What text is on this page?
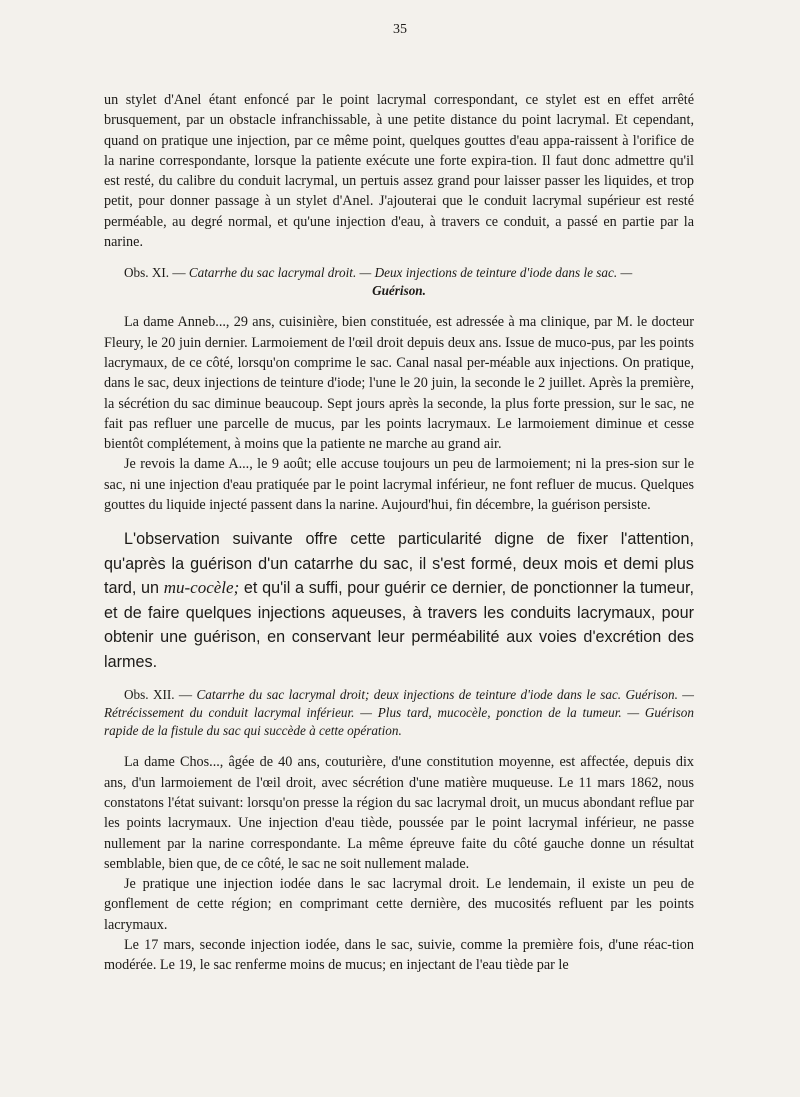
35

un stylet d'Anel étant enfoncé par le point lacrymal correspondant, ce stylet est en effet arrêté brusquement, par un obstacle infranchissable, à une petite distance du point lacrymal. Et cependant, quand on pratique une injection, par ce même point, quelques gouttes d'eau appa-raissent à l'orifice de la narine correspondante, lorsque la patiente exécute une forte expira-tion. Il faut donc admettre qu'il est resté, du calibre du conduit lacrymal, un pertuis assez grand pour laisser passer les liquides, et trop petit, pour donner passage à un stylet d'Anel. J'ajouterai que le conduit lacrymal supérieur est resté perméable, au degré normal, et qu'une injection d'eau, à travers ce conduit, a passé en partie par la narine.

Obs. XI. — Catarrhe du sac lacrymal droit. — Deux injections de teinture d'iode dans le sac. —
Guérison.

La dame Anneb..., 29 ans, cuisinière, bien constituée, est adressée à ma clinique, par M. le docteur Fleury, le 20 juin dernier. Larmoiement de l'œil droit depuis deux ans. Issue de muco-pus, par les points lacrymaux, de ce côté, lorsqu'on comprime le sac. Canal nasal per-méable aux injections. On pratique, dans le sac, deux injections de teinture d'iode; l'une le 20 juin, la seconde le 2 juillet. Après la première, la sécrétion du sac diminue beaucoup. Sept jours après la seconde, la plus forte pression, sur le sac, ne fait pas refluer une parcelle de mucus, par les points lacrymaux. Le larmoiement diminue et cesse bientôt complétement, à moins que la patiente ne marche au grand air.

Je revois la dame A..., le 9 août; elle accuse toujours un peu de larmoiement; ni la pres-sion sur le sac, ni une injection d'eau pratiquée par le point lacrymal inférieur, ne font refluer de mucus. Quelques gouttes du liquide injecté passent dans la narine. Aujourd'hui, fin décembre, la guérison persiste.

L'observation suivante offre cette particularité digne de fixer l'attention, qu'après la guérison d'un catarrhe du sac, il s'est formé, deux mois et demi plus tard, un mu-cocèle; et qu'il a suffi, pour guérir ce dernier, de ponctionner la tumeur, et de faire quelques injections aqueuses, à travers les conduits lacrymaux, pour obtenir une guérison, en conservant leur perméabilité aux voies d'excrétion des larmes.

Obs. XII. — Catarrhe du sac lacrymal droit; deux injections de teinture d'iode dans le sac. Guérison. — Rétrécissement du conduit lacrymal inférieur. — Plus tard, mucocèle, ponction de la tumeur. — Guérison rapide de la fistule du sac qui succède à cette opération.

La dame Chos..., âgée de 40 ans, couturière, d'une constitution moyenne, est affectée, depuis dix ans, d'un larmoiement de l'œil droit, avec sécrétion d'une matière muqueuse. Le 11 mars 1862, nous constatons l'état suivant: lorsqu'on presse la région du sac lacrymal droit, un mucus abondant reflue par les points lacrymaux. Une injection d'eau tiède, poussée par le point lacrymal inférieur, ne passe nullement par la narine correspondante. La même épreuve faite du côté gauche donne un résultat semblable, bien que, de ce côté, le sac ne soit nullement malade.

Je pratique une injection iodée dans le sac lacrymal droit. Le lendemain, il existe un peu de gonflement de cette région; en comprimant cette dernière, des mucosités refluent par les points lacrymaux.

Le 17 mars, seconde injection iodée, dans le sac, suivie, comme la première fois, d'une réac-tion modérée. Le 19, le sac renferme moins de mucus; en injectant de l'eau tiède par le
